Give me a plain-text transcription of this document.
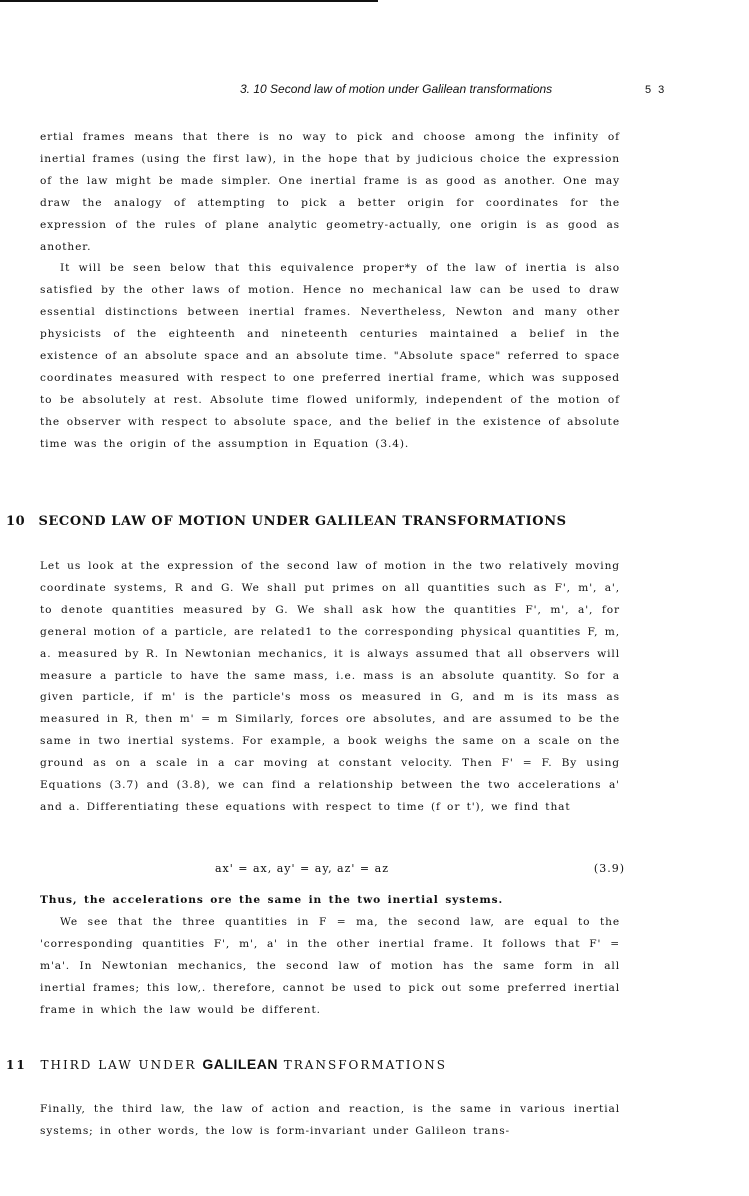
3. 10 Second law of motion under Galilean transformations	5 3

ertial frames means that there is no way to pick and choose among the infinity of inertial frames (using the first law), in the hope that by judicious choice the expression of the law might be made simpler. One inertial frame is as good as another. One may draw the analogy of attempting to pick a better origin for coordinates for the expression of the rules of plane analytic geometry-actually, one origin is as good as another.

It will be seen below that this equivalence proper*y of the law of inertia is also satisfied by the other laws of motion. Hence no mechanical law can be used to draw essential distinctions between inertial frames. Nevertheless, Newton and many other physicists of the eighteenth and nineteenth centuries maintained a belief in the existence of an absolute space and an absolute time. "Absolute space" referred to space coordinates measured with respect to one preferred inertial frame, which was supposed to be absolutely at rest. Absolute time flowed uniformly, independent of the motion of the observer with respect to absolute space, and the belief in the existence of absolute time was the origin of the assumption in Equation (3.4).

10 SECOND LAW OF MOTION UNDER GALILEAN TRANSFORMATIONS

Let us look at the expression of the second law of motion in the two relatively moving coordinate systems, R and G. We shall put primes on all quantities such as F', m', a', to denote quantities measured by G. We shall ask how the quantities F', m', a', for general motion of a particle, are related1 to the corresponding physical quantities F, m, a. measured by R. In Newtonian mechanics, it is always assumed that all observers will measure a particle to have the same mass, i.e. mass is an absolute quantity. So for a given particle, if m' is the particle's moss os measured in G, and m is its mass as measured in R, then m' = m Similarly, forces ore absolutes, and are assumed to be the same in two inertial systems. For example, a book weighs the same on a scale on the ground as on a scale in a car moving at constant velocity. Then F' = F. By using Equations (3.7) and (3.8), we can find a relationship between the two accelerations a' and a. Differentiating these equations with respect to time (f or t'), we find that

ax' = ax, ay' = ay, az' = az	(3.9)

Thus, the accelerations ore the same in the two inertial systems.

We see that the three quantities in F = ma, the second law, are equal to the 'corresponding quantities F', m', a' in the other inertial frame. It follows that F' = m'a'. In Newtonian mechanics, the second law of motion has the same form in all inertial frames; this low,. therefore, cannot be used to pick out some preferred inertial frame in which the law would be different.

11 THIRD LAW UNDER GALILEAN TRANSFORMATIONS

Finally, the third law, the law of action and reaction, is the same in various inertial systems; in other words, the low is form-invariant under Galileon trans-
